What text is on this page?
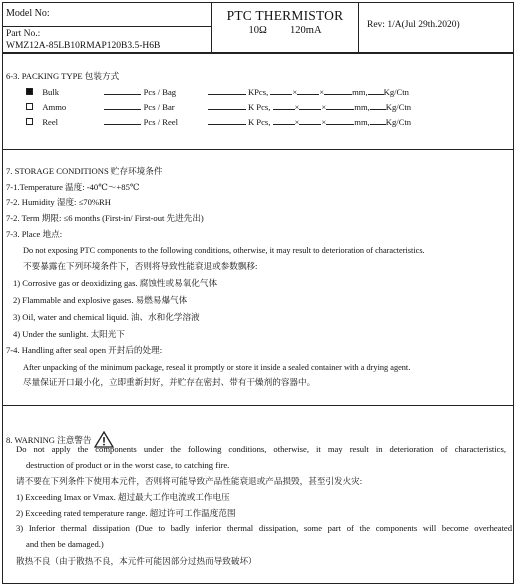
Model No:
Part No.:
WMZ12A-85LB10RMAP120B3.5-H6B
PTC THERMISTOR
10Ω 120mA	Rev: 1/A(Jul 29th.2020)
6-3. PACKING TYPE 包装方式
Bulk	Pcs / Bag	KPcs,	×	×	mm, Kg/Ctn
Ammo	Pcs / Bar	K Pcs,	×	×	mm, Kg/Ctn
Reel	Pcs / Reel	K Pcs,	×	×	mm, Kg/Ctn
7. STORAGE CONDITIONS 贮存环境条件
7-1.Temperature 温度: -40℃～+85℃
7-2. Humidity 湿度: ≤70%RH
7-2. Term 期限: ≤6 months (First-in/ First-out 先进先出)
7-3. Place 地点:
Do not exposing PTC components to the following conditions, otherwise, it may result to deterioration of characteristics.
不要暴露在下列环境条件下，否则将导致性能衰退或参数飘移:
1) Corrosive gas or deoxidizing gas. 腐蚀性或易氧化气体
2) Flammable and explosive gases. 易燃易爆气体
3) Oil, water and chemical liquid. 油、水和化学溶液
4) Under the sunlight. 太阳光下
7-4. Handling after seal open 开封后的处理:
After unpacking of the minimum package, reseal it promptly or store it inside a sealed container with a drying agent.
尽量保证开口最小化，立即重新封好，并贮存在密封、带有干燥剂的容器中。
8. WARNING 注意警告
Do not apply the components under the following conditions, otherwise, it may result in deterioration of characteristics,
destruction of product or in the worst case, to catching fire.
请不要在下列条件下使用本元件，否则将可能导致产品性能衰退或产品损毁，甚至引发火灾:
1) Exceeding Imax or Vmax. 超过最大工作电流或工作电压
2) Exceeding rated temperature range. 超过许可工作温度范围
3) Inferior thermal dissipation (Due to badly inferior thermal dissipation, some part of the components will become overheated
and then be damaged.)
散热不良（由于散热不良，本元件可能因部分过热而导致破坏）
